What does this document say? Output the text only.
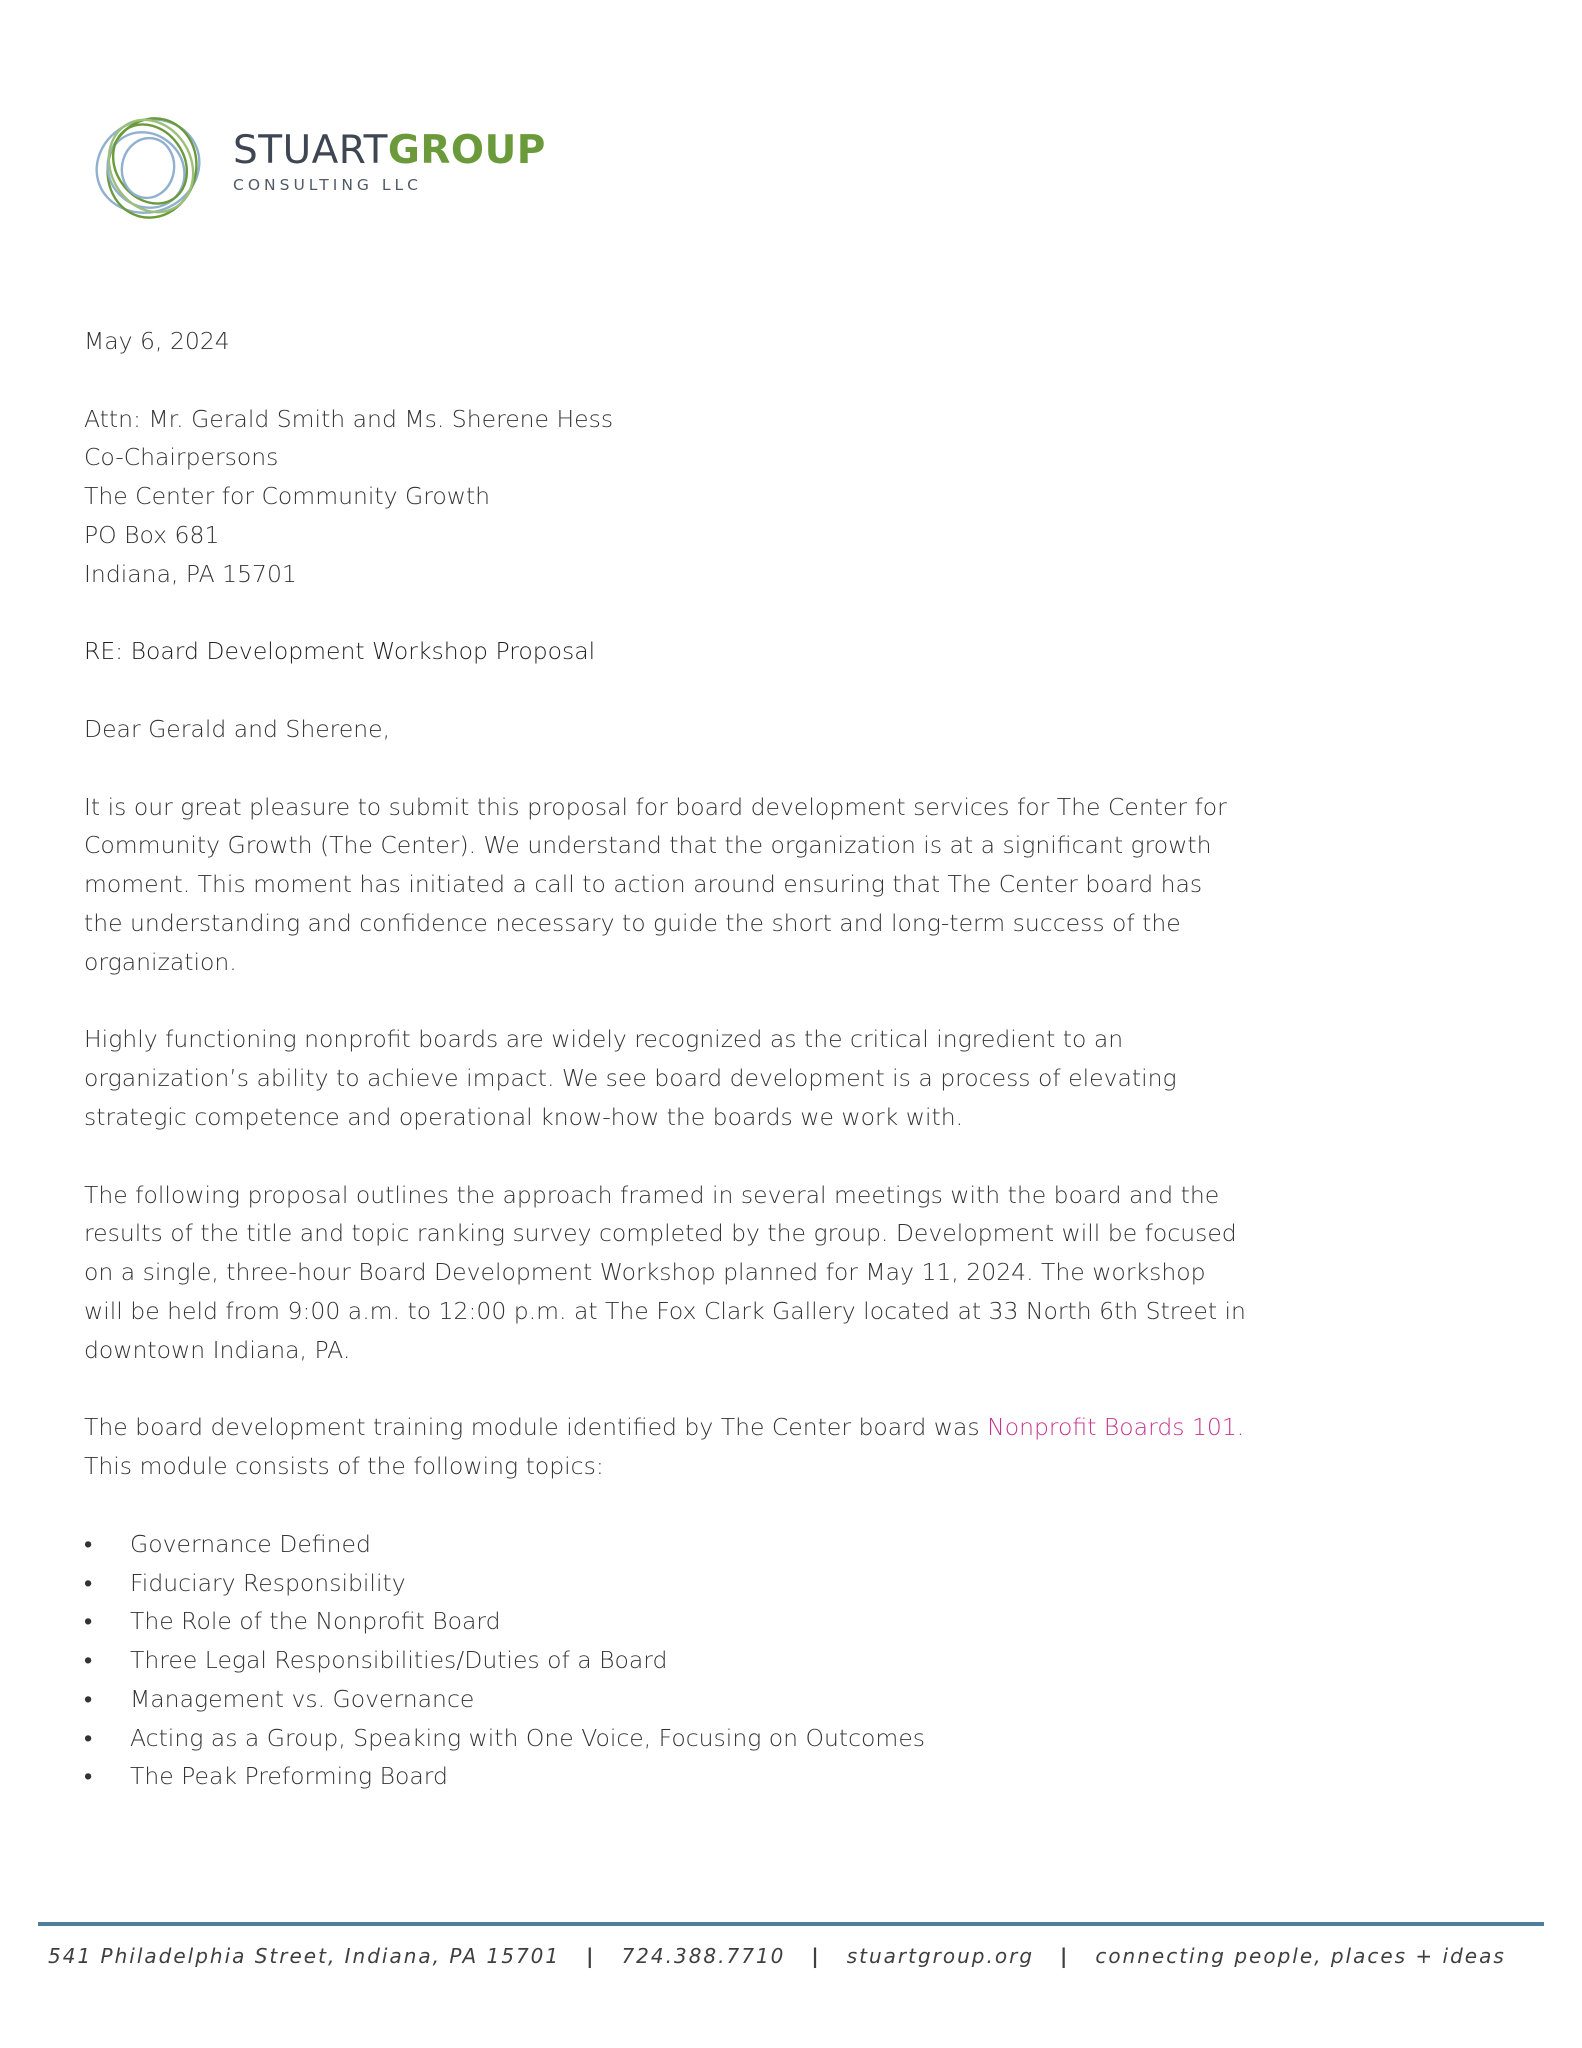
STUARTGROUP
CONSULTING LLC

May 6, 2024

Attn: Mr. Gerald Smith and Ms. Sherene Hess

Co-Chairpersons

The Center for Community Growth

PO Box 681

Indiana, PA 15701

RE: Board Development Workshop Proposal

Dear Gerald and Sherene,

It is our great pleasure to submit this proposal for board development services for The Center for

Community Growth (The Center). We understand that the organization is at a significant growth

moment. This moment has initiated a call to action around ensuring that The Center board has

the understanding and confidence necessary to guide the short and long-term success of the

organization.

Highly functioning nonprofit boards are widely recognized as the critical ingredient to an

organization’s ability to achieve impact. We see board development is a process of elevating

strategic competence and operational know-how the boards we work with.

The following proposal outlines the approach framed in several meetings with the board and the

results of the title and topic ranking survey completed by the group. Development will be focused

on a single, three-hour Board Development Workshop planned for May 11, 2024. The workshop

will be held from 9:00 a.m. to 12:00 p.m. at The Fox Clark Gallery located at 33 North 6th Street in

downtown Indiana, PA.

The board development training module identified by The Center board was Nonprofit Boards 101.

This module consists of the following topics:

• Governance Defined
• Fiduciary Responsibility
• The Role of the Nonprofit Board
• Three Legal Responsibilities/Duties of a Board
• Management vs. Governance
• Acting as a Group, Speaking with One Voice, Focusing on Outcomes
• The Peak Preforming Board
541 Philadelphia Street, Indiana, PA 15701 | 724.388.7710 | stuartgroup.org | connecting people, places + ideas
